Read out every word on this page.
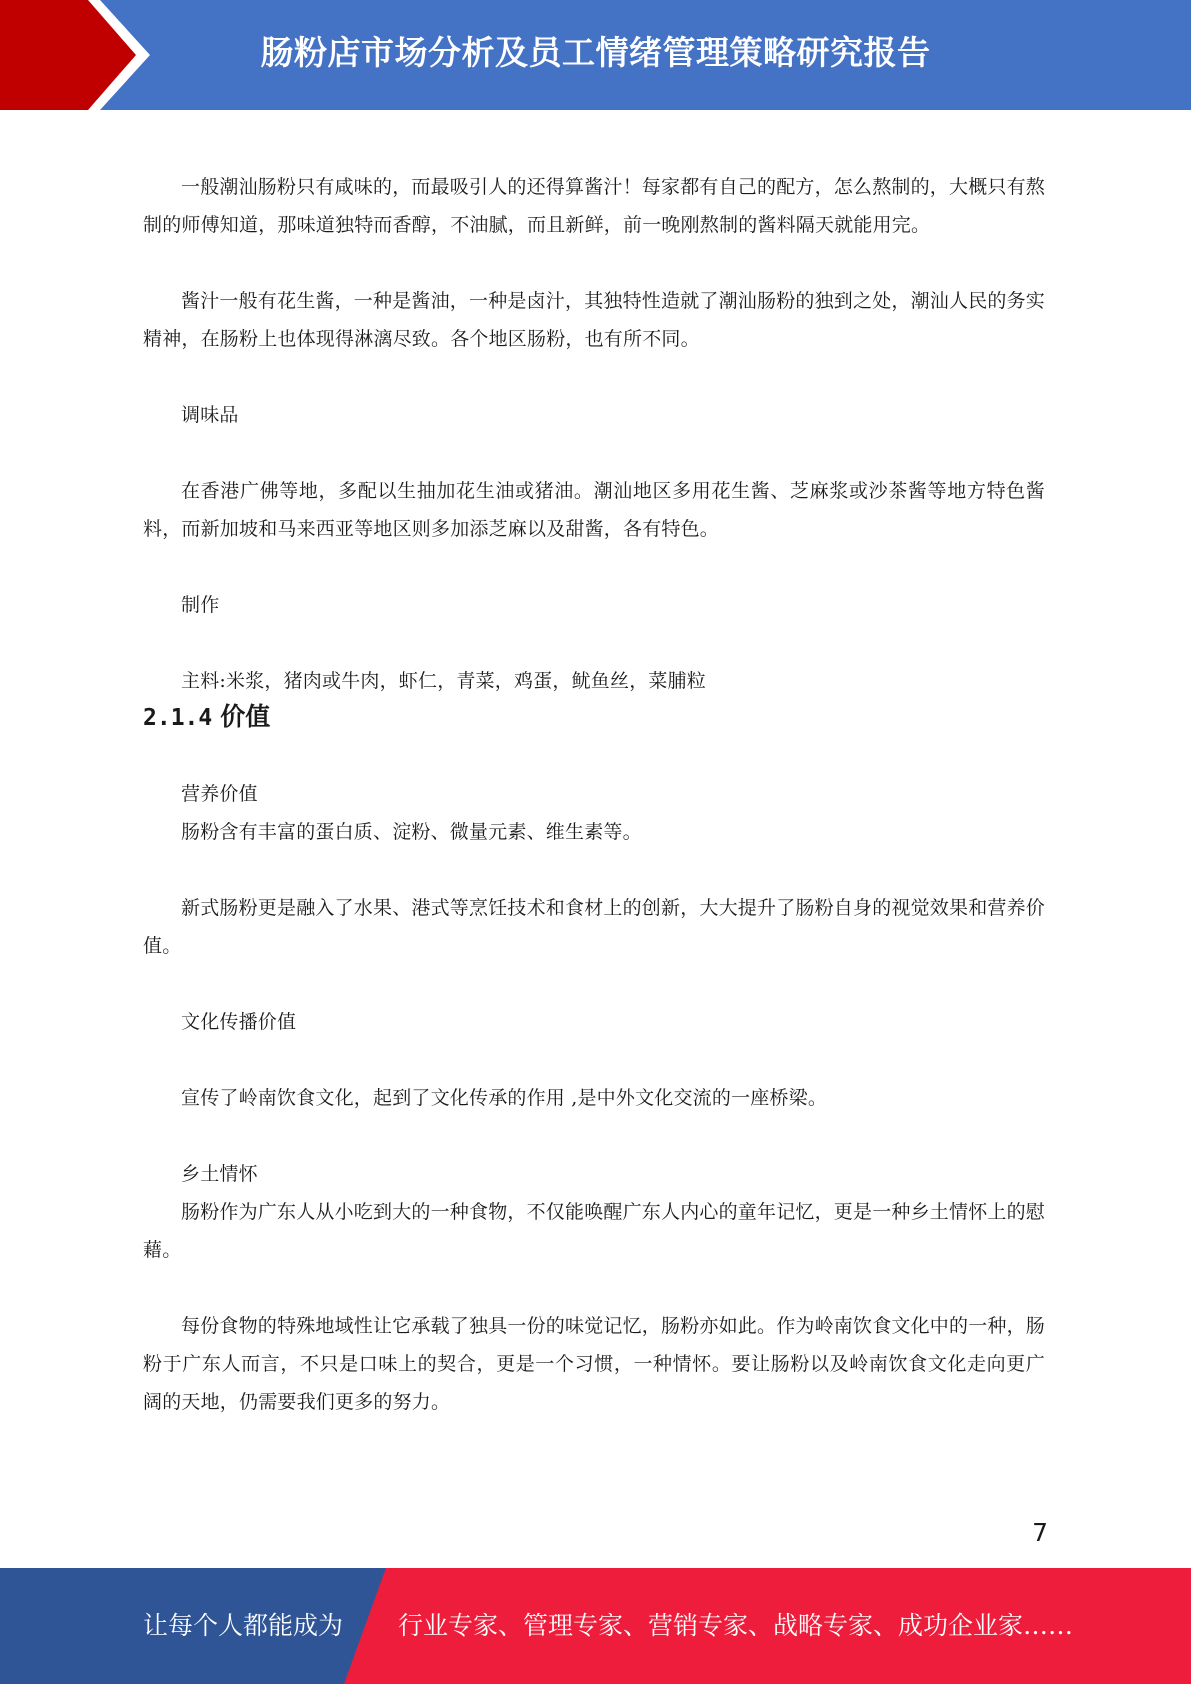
肠粉店市场分析及员工情绪管理策略研究报告

一般潮汕肠粉只有咸味的，而最吸引人的还得算酱汁！每家都有自己的配方，怎么熬制的，大概只有熬制的师傅知道，那味道独特而香醇，不油腻，而且新鲜，前一晚刚熬制的酱料隔天就能用完。

酱汁一般有花生酱，一种是酱油，一种是卤汁，其独特性造就了潮汕肠粉的独到之处，潮汕人民的务实精神，在肠粉上也体现得淋漓尽致。各个地区肠粉，也有所不同。

调味品

在香港广佛等地，多配以生抽加花生油或猪油。潮汕地区多用花生酱、芝麻浆或沙茶酱等地方特色酱料，而新加坡和马来西亚等地区则多加添芝麻以及甜酱，各有特色。

制作

主料:米浆，猪肉或牛肉，虾仁，青菜，鸡蛋，鱿鱼丝，菜脯粒

2.1.4 价值

营养价值

肠粉含有丰富的蛋白质、淀粉、微量元素、维生素等。

新式肠粉更是融入了水果、港式等烹饪技术和食材上的创新，大大提升了肠粉自身的视觉效果和营养价值。

文化传播价值

宣传了岭南饮食文化，起到了文化传承的作用 ,是中外文化交流的一座桥梁。

乡土情怀

肠粉作为广东人从小吃到大的一种食物，不仅能唤醒广东人内心的童年记忆，更是一种乡土情怀上的慰藉。

每份食物的特殊地域性让它承载了独具一份的味觉记忆，肠粉亦如此。作为岭南饮食文化中的一种，肠粉于广东人而言，不只是口味上的契合，更是一个习惯，一种情怀。要让肠粉以及岭南饮食文化走向更广阔的天地，仍需要我们更多的努力。

7
让每个人都能成为 行业专家、管理专家、营销专家、战略专家、成功企业家……
